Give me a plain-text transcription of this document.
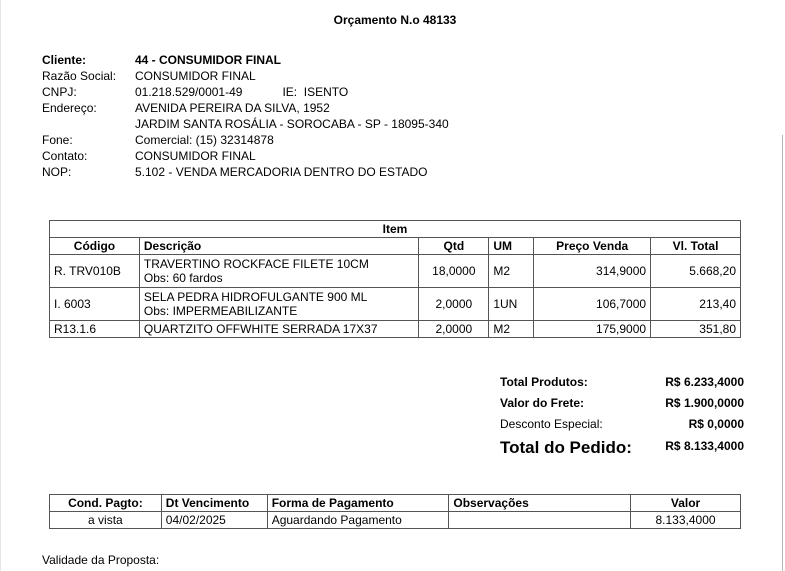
Orçamento N.o 48133
Cliente:	44 - CONSUMIDOR FINAL
Razão Social: CONSUMIDOR FINAL
CNPJ:	01.218.529/0001-49	IE: ISENTO
Endereço:	AVENIDA PEREIRA DA SILVA, 1952
JARDIM SANTA ROSÁLIA - SOROCABA - SP - 18095-340
Fone:	Comercial: (15) 32314878
Contato:	CONSUMIDOR FINAL
NOP:	5.102 - VENDA MERCADORIA DENTRO DO ESTADO
Item					
Código	Descrição	Qtd	UM	Preço Venda	Vl. Total
R. TRV010B	TRAVERTINO ROCKFACE FILETE 10CM
Obs: 60 fardos	18,0000	M2	314,9000	5.668,20
I. 6003	SELA PEDRA HIDROFULGANTE 900 ML
Obs: IMPERMEABILIZANTE	2,0000	1UN	106,7000	213,40
R13.1.6	QUARTZITO OFFWHITE SERRADA 17X37	2,0000	M2	175,9000	351,80
Total Produtos:	R$ 6.233,4000
Valor do Frete:	R$ 1.900,0000
Desconto Especial:	R$ 0,0000
Total do Pedido:	R$ 8.133,4000
Cond. Pagto:	Dt Vencimento	Forma de Pagamento	Observações	Valor
a vista	04/02/2025	Aguardando Pagamento		8.133,4000
Validade da Proposta:
